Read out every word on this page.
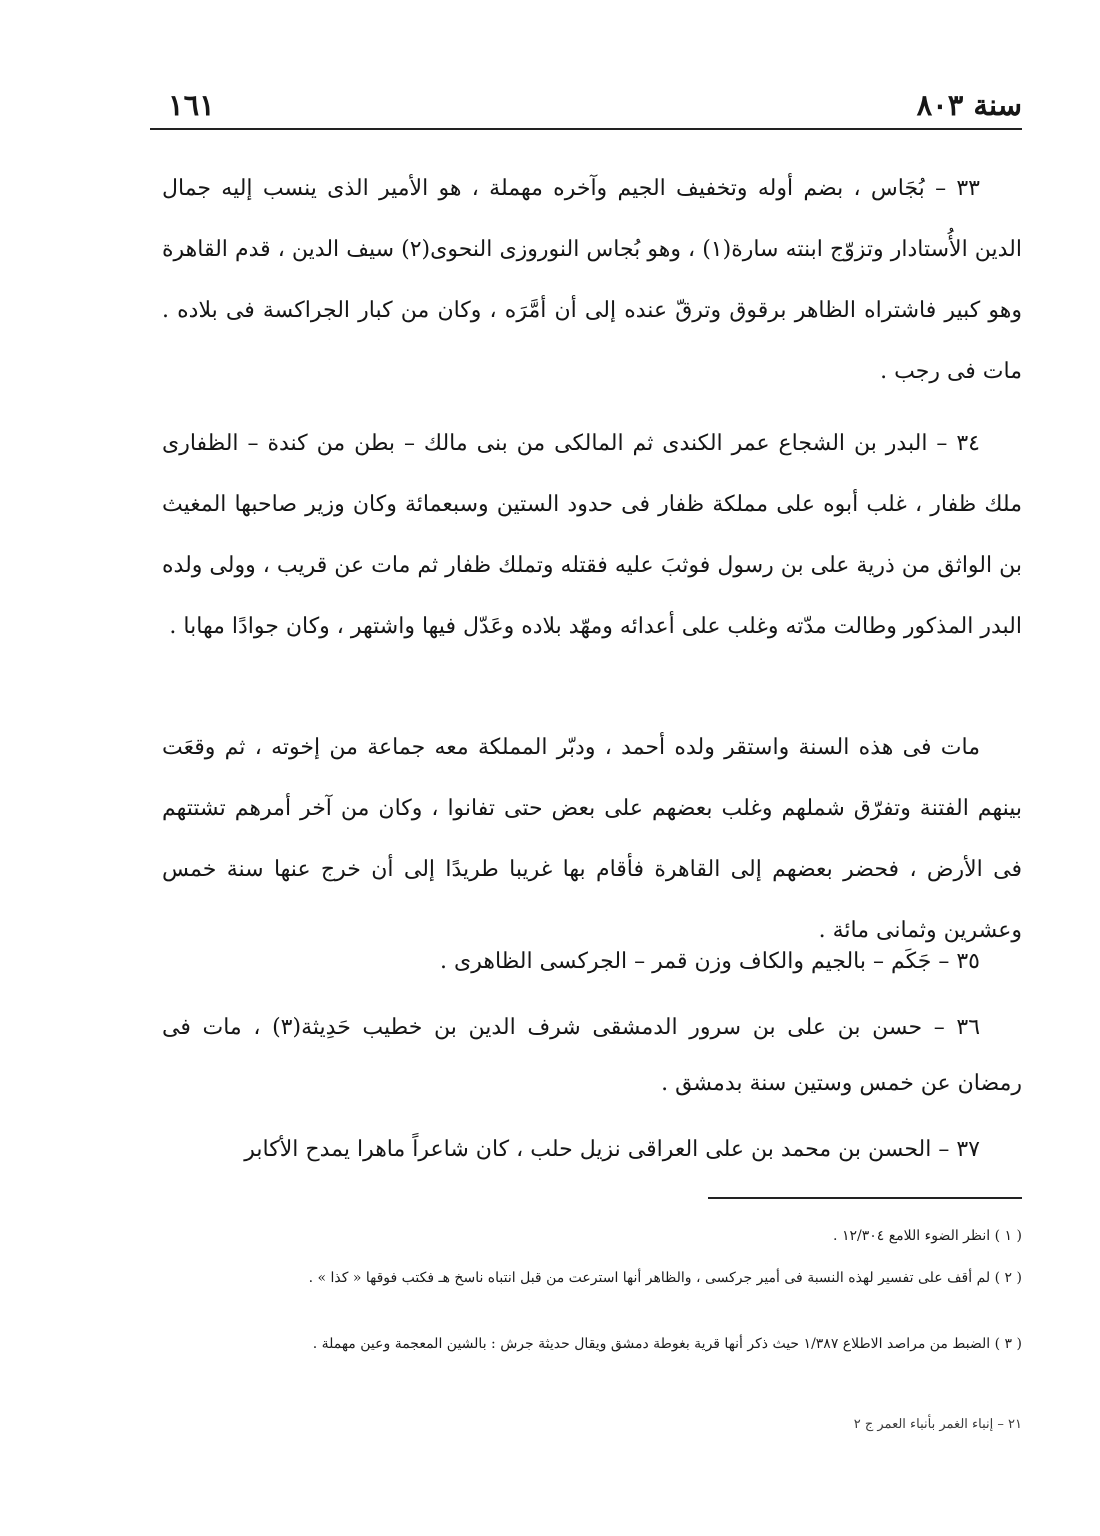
سنة ٨٠٣
١٦١

٣٣ – بُجَاس ، بضم أوله وتخفيف الجيم وآخره مهملة ، هو الأمير الذى ينسب إليه جمال الدين الأُستادار وتزوّج ابنته سارة(١) ، وهو بُجاس النوروزى النحوى(٢) سيف الدين ، قدم القاهرة وهو كبير فاشتراه الظاهر برقوق وترقّ عنده إلى أن أمَّرَه ، وكان من كبار الجراكسة فى بلاده . مات فى رجب .

٣٤ – البدر بن الشجاع عمر الكندى ثم المالكى من بنى مالك – بطن من كندة – الظفارى ملك ظفار ، غلب أبوه على مملكة ظفار فى حدود الستين وسبعمائة وكان وزير صاحبها المغيث بن الواثق من ذرية على بن رسول فوثبَ عليه فقتله وتملك ظفار ثم مات عن قريب ، وولى ولده البدر المذكور وطالت مدّته وغلب على أعدائه ومهّد بلاده وعَدّل فيها واشتهر ، وكان جوادًا مهابا .

مات فى هذه السنة واستقر ولده أحمد ، ودبّر المملكة معه جماعة من إخوته ، ثم وقعَت بينهم الفتنة وتفرّق شملهم وغلب بعضهم على بعض حتى تفانوا ، وكان من آخر أمرهم تشتتهم فى الأرض ، فحضر بعضهم إلى القاهرة فأقام بها غريبا طريدًا إلى أن خرج عنها سنة خمس وعشرين وثمانى مائة .

٣٥ – جَكَم – بالجيم والكاف وزن قمر – الجركسى الظاهرى .

٣٦ – حسن بن على بن سرور الدمشقى شرف الدين بن خطيب حَدِيثة(٣) ، مات فى رمضان عن خمس وستين سنة بدمشق .

٣٧ – الحسن بن محمد بن على العراقى نزيل حلب ، كان شاعراً ماهرا يمدح الأكابر

( ١ ) انظر الضوء اللامع ١٢/٣٠٤ .

( ٢ ) لم أقف على تفسير لهذه النسبة فى أمير جركسى ، والظاهر أنها استرعت من قبل انتباه ناسخ هـ فكتب فوقها « كذا » .

( ٣ ) الضبط من مراصد الاطلاع ١/٣٨٧ حيث ذكر أنها قرية بغوطة دمشق ويقال حديثة جرش : بالشين المعجمة وعين مهملة .

٢١ – إنباء الغمر بأنباء العمر ج ٢
